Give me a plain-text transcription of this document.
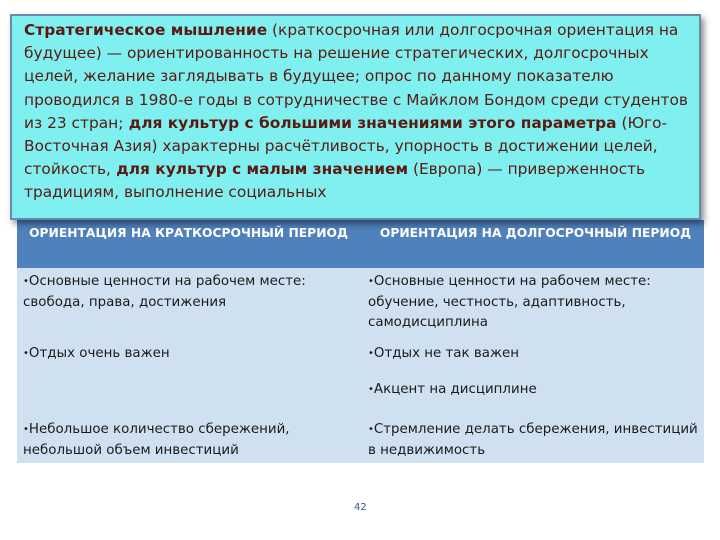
ОРИЕНТАЦИЯ НА КРАТКОСРОЧНЫЙ ПЕРИОД	ОРИЕНТАЦИЯ НА ДОЛГОСРОЧНЫЙ ПЕРИОД
•Основные ценности на рабочем месте: свобода, права, достижения
•Отдых очень важен
•Небольшое количество сбережений, небольшой объем инвестиций
•Основные ценности на рабочем месте: обучение, честность, адаптивность, самодисциплина
•Отдых не так важен
•Акцент на дисциплине
•Стремление делать сбережения, инвестиций в недвижимость
Стратегическое мышление (краткосрочная или долгосрочная ориентация на будущее) — ориентированность на решение стратегических, долгосрочных целей, желание заглядывать в будущее; опрос по данному показателю проводился в 1980-е годы в сотрудничестве с Майклом Бондом среди студентов из 23 стран; для культур с большими значениями этого параметра (Юго-Восточная Азия) характерны расчётливость, упорность в достижении целей, стойкость, для культур с малым значением (Европа) — приверженность традициям, выполнение социальных
42
